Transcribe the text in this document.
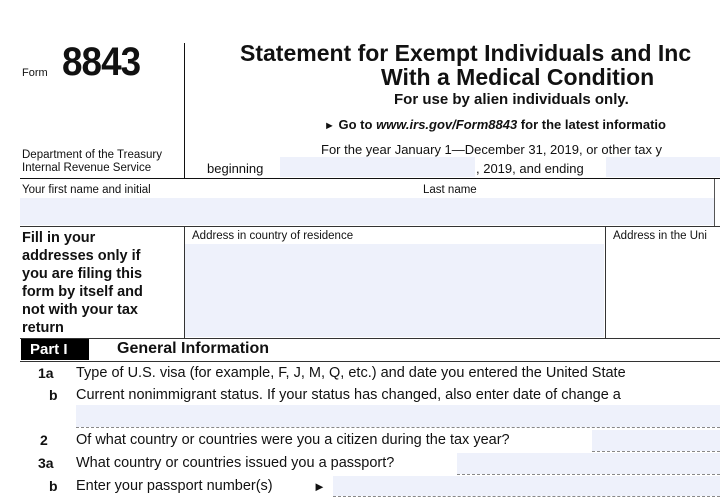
Form 8843
Department of the Treasury
Internal Revenue Service
Statement for Exempt Individuals and Inc
With a Medical Condition
For use by alien individuals only.
► Go to www.irs.gov/Form8843 for the latest informatio
For the year January 1—December 31, 2019, or other tax y
beginning	, 2019, and ending
Your first name and initial	Last name
Fill in your
addresses only if
you are filing this
form by itself and
not with your tax
return
Address in country of residence	Address in the Uni
Part I	General Information
1a Type of U.S. visa (for example, F, J, M, Q, etc.) and date you entered the United State
b Current nonimmigrant status. If your status has changed, also enter date of change a
2 Of what country or countries were you a citizen during the tax year?
3a What country or countries issued you a passport?
b Enter your passport number(s)	►
